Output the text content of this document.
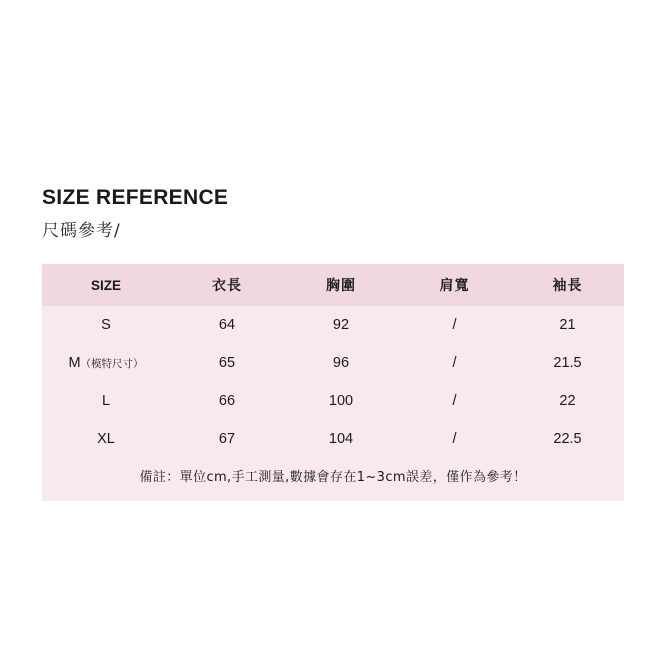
SIZE REFERENCE
尺碼參考/
SIZE	衣長	胸圍	肩寬	袖長
S	64	92	/	21
M（模特尺寸）	65	96	/	21.5
L	66	100	/	22
XL	67	104	/	22.5
備註：單位cm,手工測量,數據會存在1~3cm誤差，僅作為參考！
